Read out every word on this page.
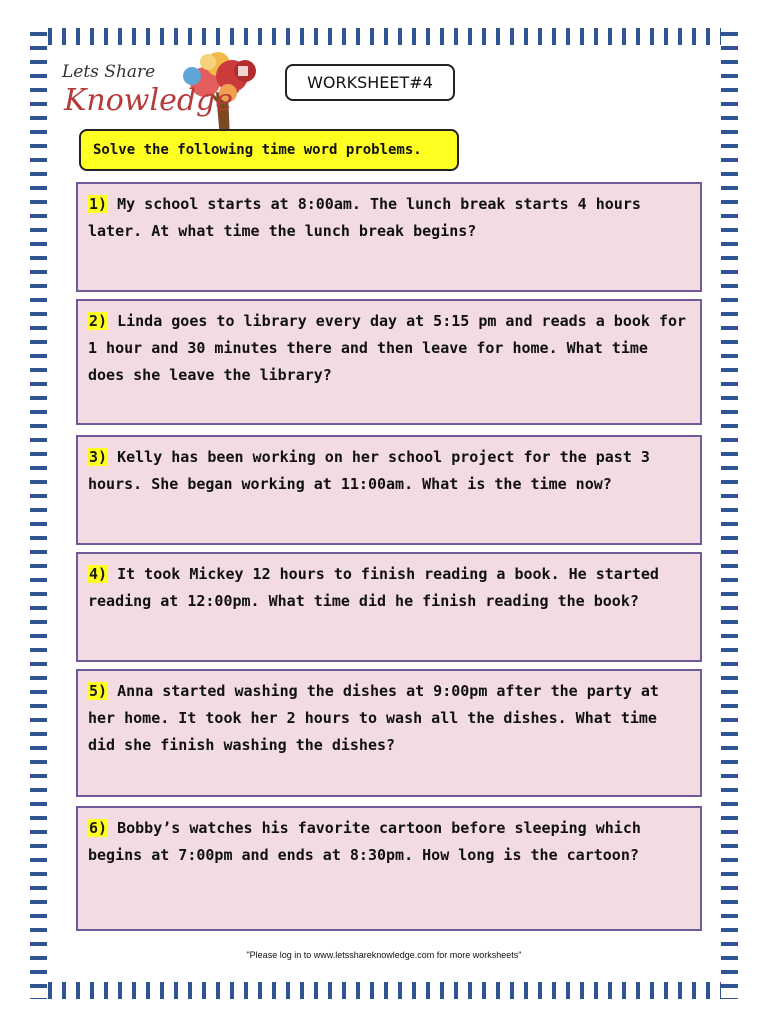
Lets Share
Knowledge
WORKSHEET#4
Solve the following time word problems.
1) My school starts at 8:00am. The lunch break starts 4 hours later. At what time the lunch break begins?
2) Linda goes to library every day at 5:15 pm and reads a book for 1 hour and 30 minutes there and then leave for home. What time does she leave the library?
3) Kelly has been working on her school project for the past 3 hours. She began working at 11:00am. What is the time now?
4) It took Mickey 12 hours to finish reading a book. He started reading at 12:00pm. What time did he finish reading the book?
5) Anna started washing the dishes at 9:00pm after the party at her home. It took her 2 hours to wash all the dishes. What time did she finish washing the dishes?
6) Bobby’s watches his favorite cartoon before sleeping which begins at 7:00pm and ends at 8:30pm. How long is the cartoon?
"Please log in to www.letsshareknowledge.com for more worksheets"
